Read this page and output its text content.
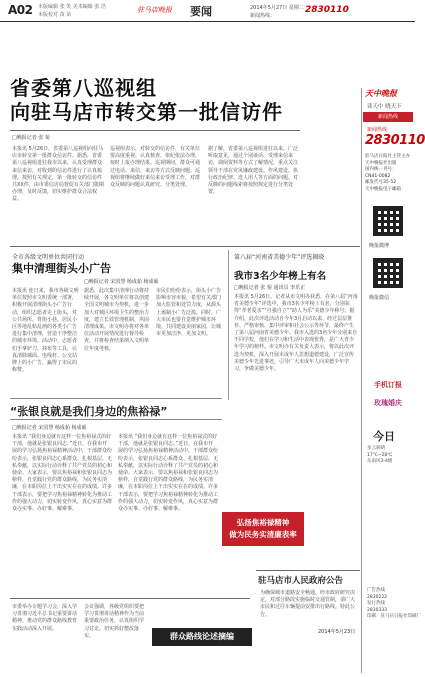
A02 本版编辑 张 笑 美术编辑 张 浩
本版校对 苗 苗
驻马店晚报 要闻	2014年5月27日 星期二
新闻热线：
2830110
省委第八巡视组
向驻马店市转交第一批信访件
□晚报记者 张 菊
本报讯 5月26日，省委第八巡视组向驻马店市转交第一批群众信访件。据悉，省委第八巡视组进驻我市以来，认真受理群众来信来访，对收到的信访件进行了认真梳理。按照有关规定，第一批转交的信访件共XX件，由市委信访局督促有关部门限期办理，及时反馈，切实维护群众合法权益。
巡视组表示，对转交的信访件，有关单位要高度重视、认真核查、依纪依法办理，按时上报办理结果。巡视期间，群众可通过电话、来信、来访等方式反映问题。巡视组将继续做好来信来访受理工作，对群众反映的问题认真研究、分类处理。
据了解，省委第八巡视组进驻以来，广泛听取意见，通过个别谈话、受理来信来访、调阅资料等方式了解情况，重点关注领导干部在党风廉政建设、作风建设、执行政治纪律、选人用人等方面的问题。对反映的问题线索将按照规定进行分类处置。
全市各级文明单位共同行动
集中清理街头小广告
□晚报记者 宋国慧 杨成茹 杨成硕
本报讯 连日来，我市各级文明单位按照市文明委统一部署，积极开展清理街头小广告行动，组织志愿者走上街头，对公共场所、背街小巷、居民小区等地乱贴乱画的各类小广告进行集中清理，营造干净整洁的城市环境。活动中，志愿者们手拿铲刀、抹布等工具，认真清除墙面、电线杆、公交站牌上的小广告，赢得了市民的称赞。
据悉，此次集中清理行动将持续开展，各文明单位将以创建全国文明城市为契机，进一步加大对城区环境卫生的整治力度，建立长效管理机制，巩固清理成果。市文明办将对各单位活动开展情况进行督导检查，并将检查结果纳入文明单位年度考核。
市民们纷纷表示，街头小广告影响市容市貌，希望有关部门加大监管和处罚力度，从源头上遏制小广告泛滥。同时，广大市民也要自觉维护城市环境，共同建设美丽家园，让城市更加洁净、更加文明。
第八届“河南省美德少年”评选揭晓
我市3名少年榜上有名
□晚报记者 张 菊 通讯员 李乐正
本报讯 5月26日，记者从市文明办获悉，在第八届“河南省美德少年”评选中，我市3名少年榜上有名，分别获得“孝老爱亲”“自强自立”“助人为乐”美德少年称号。据介绍，此次评选活动自今年3月启动以来，经过层层推荐、严格审核、集中评审和社会公示等环节，最终产生了第八届河南省美德少年。我市入选的3名少年分别来自不同学校，他们在学习和生活中表现优秀，是广大青少年学习的榜样。市文明办有关负责人表示，将以此次评选为契机，深入开展未成年人思想道德建设，广泛宣传美德少年先进事迹，引导广大未成年人向美德少年学习，争做美德少年。
“张银良就是我们身边的焦裕禄”
□晚报记者 宋国慧 杨成茹 杨成硕
本报讯 “我们身边就有这样一位焦裕禄式的好干部，他就是张银良同志。”近日，在我市开展的学习弘扬焦裕禄精神活动中，干部群众纷纷表示，张银良同志心系群众、扎根基层、无私奉献，以实际行动诠释了共产党员的初心和使命。大家表示，要以焦裕禄和张银良同志为榜样，自觉践行党的群众路线，为民务实清廉，在本职岗位上干出实实在在的成绩。许多干部表示，要把学习焦裕禄精神转化为推动工作的强大动力，切实转变作风，真心实意为群众办实事、办好事、解难事。
本报讯 “我们身边就有这样一位焦裕禄式的好干部，他就是张银良同志。”近日，在我市开展的学习弘扬焦裕禄精神活动中，干部群众纷纷表示，张银良同志心系群众、扎根基层、无私奉献，以实际行动诠释了共产党员的初心和使命。大家表示，要以焦裕禄和张银良同志为榜样，自觉践行党的群众路线，为民务实清廉，在本职岗位上干出实实在在的成绩。许多干部表示，要把学习焦裕禄精神转化为推动工作的强大动力，切实转变作风，真心实意为群众办实事、办好事、解难事。
弘扬焦裕禄精神
做为民务实清廉表率
市委举办专题学习会，深入学习贯彻习近平总书记重要讲话精神，推动党的群众路线教育实践活动深入开展。
会议强调，各级党组织要把学习贯彻讲话精神作为当前重要政治任务，认真组织学习讨论，切实抓好整改落实。	群众路线论述摘编
驻马店市人民政府公告
为确保城市道路安全畅通，经市政府研究决定，对部分路段实施临时交通管制，请广大市民和过往车辆提前安排出行路线。特此公告。
2014年5月23日
天中晚报
读天中 晓天下
新闻热线
新闻热线
2830110
驻马店日报社主管主办
天中晚报社出版
国内统一刊号：
CN41-0082
邮发代号35-52
天中晚报电子邮箱：
晚报微博
晚报微信
手机订报
玫瑰婚庆
今日
多云转晴
17℃~28℃
东南风3-4级
广告热线
2830222
发行热线
2830333
印刷：驻马店日报社印刷厂
